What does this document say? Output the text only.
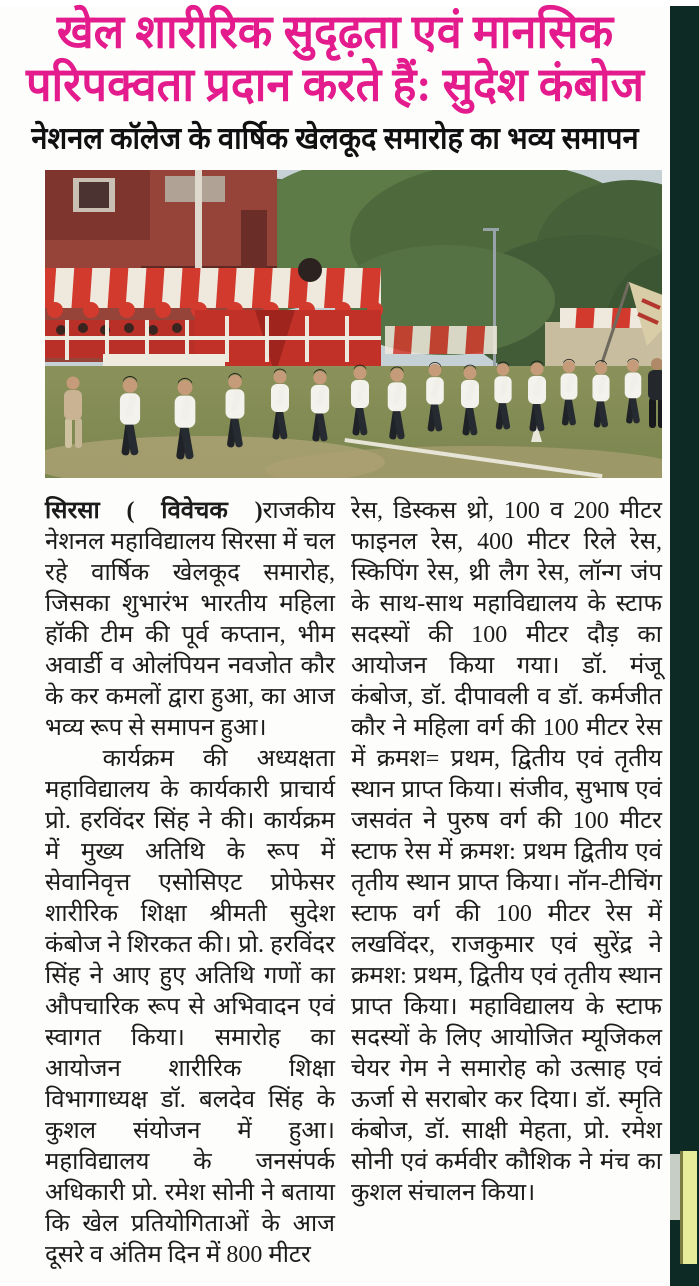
खेल शारीरिक सुदृढ़ता एवं मानसिक
परिपक्वता प्रदान करते हैं: सुदेश कंबोज
नेशनल कॉलेज के वार्षिक खेलकूद समारोह का भव्य समापन

सिरसा ( विवेचक )राजकीय नेशनल महाविद्यालय सिरसा में चल रहे वार्षिक खेलकूद समारोह, जिसका शुभारंभ भारतीय महिला हॉकी टीम की पूर्व कप्तान, भीम अवार्डी व ओलंपियन नवजोत कौर के कर कमलों द्वारा हुआ, का आज भव्य रूप से समापन हुआ।

कार्यक्रम की अध्यक्षता महाविद्यालय के कार्यकारी प्राचार्य प्रो. हरविंदर सिंह ने की। कार्यक्रम में मुख्य अतिथि के रूप में सेवानिवृत्त एसोसिएट प्रोफेसर शारीरिक शिक्षा श्रीमती सुदेश कंबोज ने शिरकत की। प्रो. हरविंदर सिंह ने आए हुए अतिथि गणों का औपचारिक रूप से अभिवादन एवं स्वागत किया। समारोह का आयोजन शारीरिक शिक्षा विभागाध्यक्ष डॉ. बलदेव सिंह के कुशल संयोजन में हुआ। महाविद्यालय के जनसंपर्क अधिकारी प्रो. रमेश सोनी ने बताया कि खेल प्रतियोगिताओं के आज दूसरे व अंतिम दिन में 800 मीटर

रेस, डिस्कस थ्रो, 100 व 200 मीटर फाइनल रेस, 400 मीटर रिले रेस, स्किपिंग रेस, थ्री लैग रेस, लॉन्ग जंप के साथ-साथ महाविद्यालय के स्टाफ सदस्यों की 100 मीटर दौड़ का आयोजन किया गया। डॉ. मंजू कंबोज, डॉ. दीपावली व डॉ. कर्मजीत कौर ने महिला वर्ग की 100 मीटर रेस में क्रमश= प्रथम, द्वितीय एवं तृतीय स्थान प्राप्त किया। संजीव, सुभाष एवं जसवंत ने पुरुष वर्ग की 100 मीटर स्टाफ रेस में क्रमश: प्रथम द्वितीय एवं तृतीय स्थान प्राप्त किया। नॉन-टीचिंग स्टाफ वर्ग की 100 मीटर रेस में लखविंदर, राजकुमार एवं सुरेंद्र ने क्रमश: प्रथम, द्वितीय एवं तृतीय स्थान प्राप्त किया। महाविद्यालय के स्टाफ सदस्यों के लिए आयोजित म्यूजिकल चेयर गेम ने समारोह को उत्साह एवं ऊर्जा से सराबोर कर दिया। डॉ. स्मृति कंबोज, डॉ. साक्षी मेहता, प्रो. रमेश सोनी एवं कर्मवीर कौशिक ने मंच का कुशल संचालन किया।
